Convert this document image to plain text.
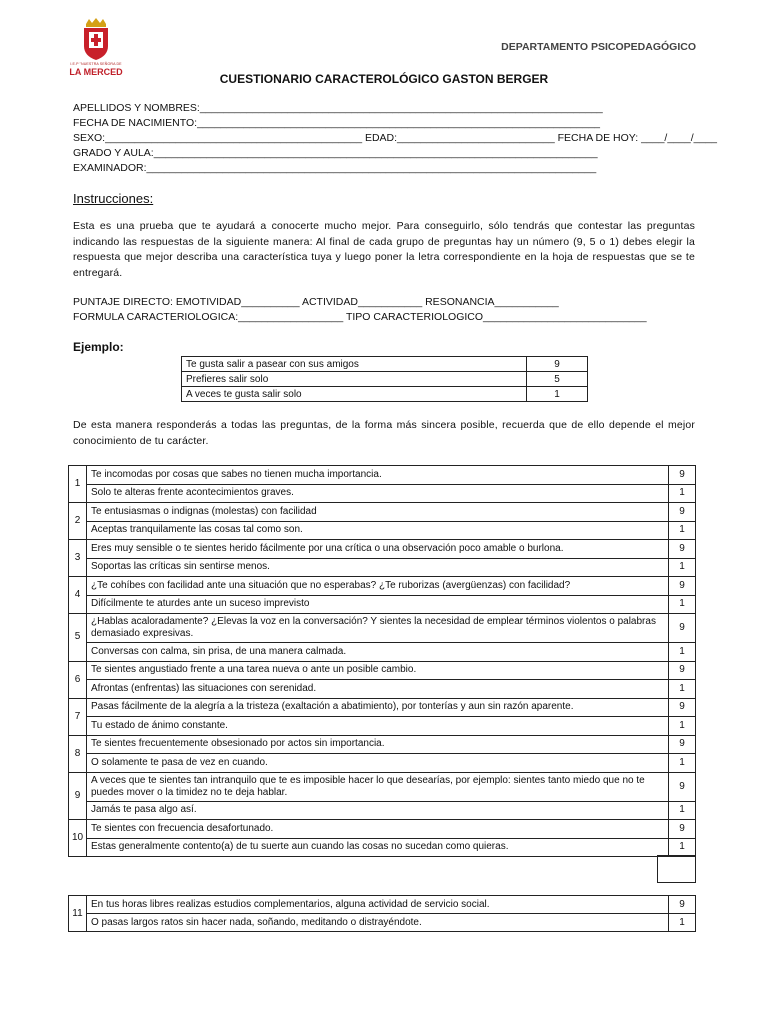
I.E.P "NUESTRA SEÑORA DE
LA MERCED
DEPARTAMENTO PSICOPEDAGÓGICO
CUESTIONARIO CARACTEROLÓGICO GASTON BERGER
APELLIDOS Y NOMBRES:_____________________________________________________________________
FECHA DE NACIMIENTO:_____________________________________________________________________
SEXO:____________________________________________ EDAD:___________________________ FECHA DE HOY: ____/____/____
GRADO Y AULA:____________________________________________________________________________
EXAMINADOR:_____________________________________________________________________________
Instrucciones:
Esta es una prueba que te ayudará a conocerte mucho mejor. Para conseguirlo, sólo tendrás que contestar las preguntas indicando las respuestas de la siguiente manera: Al final de cada grupo de preguntas hay un número (9, 5 o 1) debes elegir la respuesta que mejor describa una característica tuya y luego poner la letra correspondiente en la hoja de respuestas que se te entregará.
PUNTAJE DIRECTO: EMOTIVIDAD__________ ACTIVIDAD___________ RESONANCIA___________
FORMULA CARACTERIOLOGICA:__________________ TIPO CARACTERIOLOGICO____________________________
Ejemplo:
Te gusta salir a pasear con sus amigos	9
Prefieres salir solo	5
A veces te gusta salir solo	1
De esta manera responderás a todas las preguntas, de la forma más sincera posible, recuerda que de ello depende el mejor conocimiento de tu carácter.
1	Te incomodas por cosas que sabes no tienen mucha importancia.	9
	Solo te alteras frente acontecimientos graves.	1
2	Te entusiasmas o indignas (molestas) con facilidad	9
	Aceptas tranquilamente las cosas tal como son.	1
3	Eres muy sensible o te sientes herido fácilmente por una crítica o una observación poco amable o burlona.	9
	Soportas las críticas sin sentirse menos.	1
4	¿Te cohíbes con facilidad ante una situación que no esperabas? ¿Te ruborizas (avergüenzas) con facilidad?	9
	Difícilmente te aturdes ante un suceso imprevisto	1
5	¿Hablas acaloradamente? ¿Elevas la voz en la conversación? Y sientes la necesidad de emplear términos violentos o palabras demasiado expresivas.	9
	Conversas con calma, sin prisa, de una manera calmada.	1
6	Te sientes angustiado frente a una tarea nueva o ante un posible cambio.	9
	Afrontas (enfrentas) las situaciones con serenidad.	1
7	Pasas fácilmente de la alegría a la tristeza (exaltación a abatimiento), por tonterías y aun sin razón aparente.	9
	Tu estado de ánimo constante.	1
8	Te sientes frecuentemente obsesionado por actos sin importancia.	9
	O solamente te pasa de vez en cuando.	1
9	A veces que te sientes tan intranquilo que te es imposible hacer lo que desearías, por ejemplo: sientes tanto miedo que no te puedes mover o la timidez no te deja hablar.	9
	Jamás te pasa algo así.	1
10	Te sientes con frecuencia desafortunado.	9
	Estas generalmente contento(a) de tu suerte aun cuando las cosas no sucedan como quieras.	1
11	En tus horas libres realizas estudios complementarios, alguna actividad de servicio social.	9
	O pasas largos ratos sin hacer nada, soñando, meditando o distrayéndote.	1
